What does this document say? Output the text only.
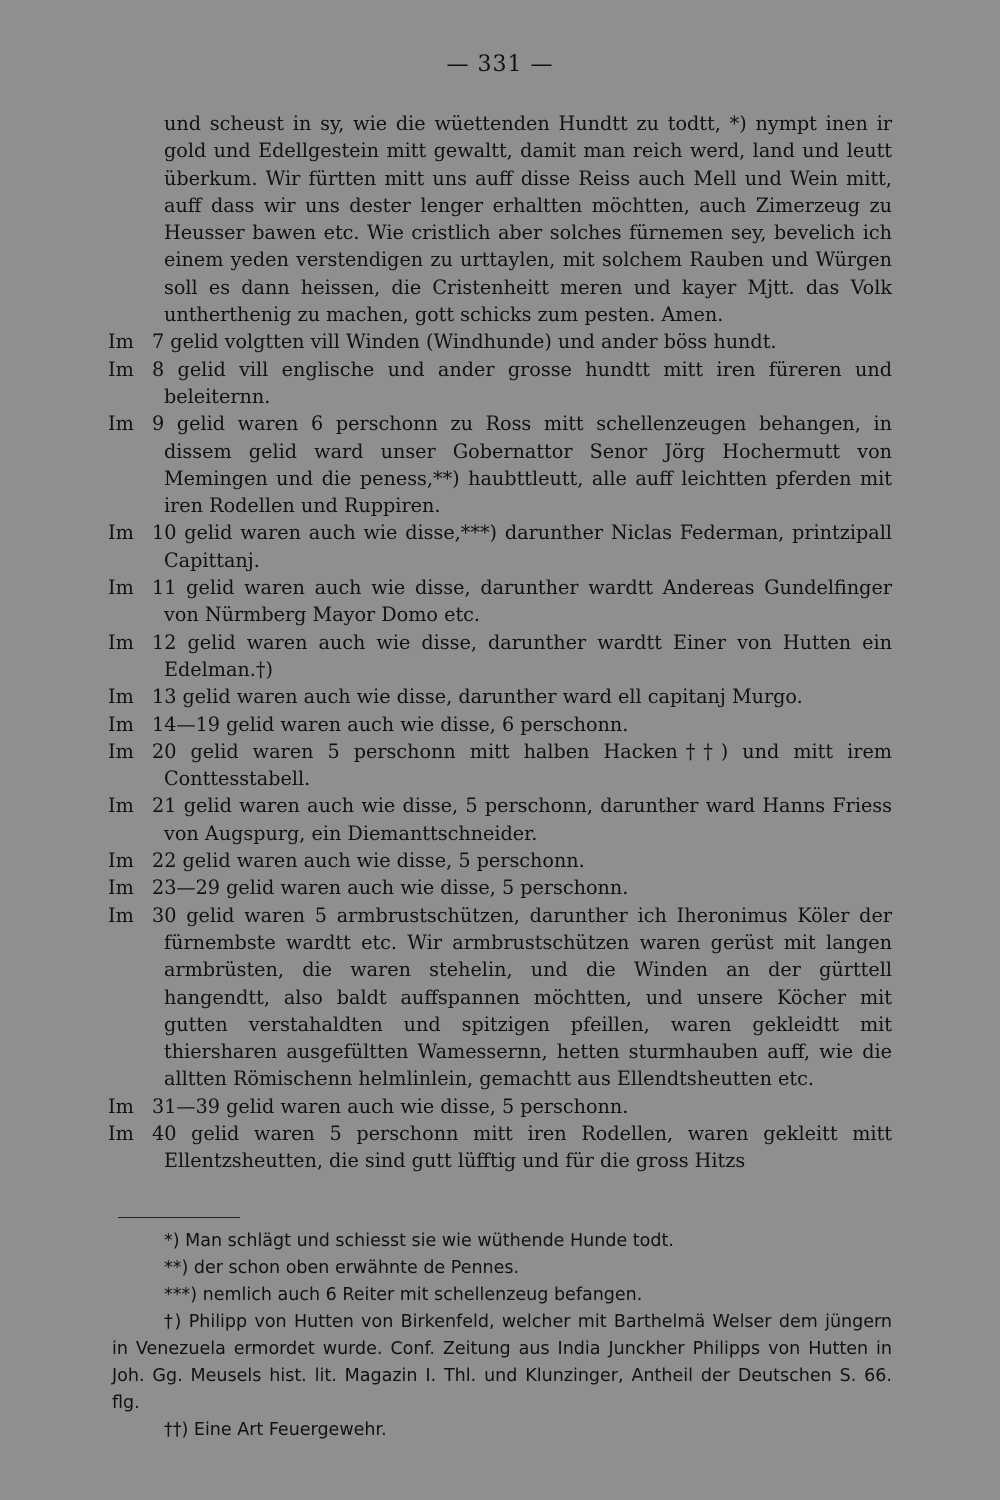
— 331 —
und scheust in sy, wie die wüettenden Hundtt zu todtt, *) nympt inen ir gold und Edellgestein mitt gewaltt, damit man reich werd, land und leutt überkum. Wir fürtten mitt uns auff disse Reiss auch Mell und Wein mitt, auff dass wir uns dester lenger erhaltten möchtten, auch Zimerzeug zu Heusser bawen etc. Wie cristlich aber solches fürnemen sey, bevelich ich einem yeden verstendigen zu urttaylen, mit solchem Rauben und Würgen soll es dann heissen, die Cristenheitt meren und kayer Mjtt. das Volk untherthenig zu machen, gott schicks zum pesten. Amen.
Im 7 gelid volgtten vill Winden (Windhunde) und ander böss hundt.
Im 8 gelid vill englische und ander grosse hundtt mitt iren füreren und beleiternn.
Im 9 gelid waren 6 perschonn zu Ross mitt schellenzeugen behangen, in dissem gelid ward unser Gobernattor Senor Jörg Hochermutt von Memingen und die peness,**) haubttleutt, alle auff leichtten pferden mit iren Rodellen und Ruppiren.
Im 10 gelid waren auch wie disse,***) darunther Niclas Federman, printzipall Capittanj.
Im 11 gelid waren auch wie disse, darunther wardtt Andereas Gundelfinger von Nürmberg Mayor Domo etc.
Im 12 gelid waren auch wie disse, darunther wardtt Einer von Hutten ein Edelman.†)
Im 13 gelid waren auch wie disse, darunther ward ell capitanj Murgo.
Im 14—19 gelid waren auch wie disse, 6 perschonn.
Im 20 gelid waren 5 perschonn mitt halben Hacken††) und mitt irem Conttesstabell.
Im 21 gelid waren auch wie disse, 5 perschonn, darunther ward Hanns Friess von Augspurg, ein Diemanttschneider.
Im 22 gelid waren auch wie disse, 5 perschonn.
Im 23—29 gelid waren auch wie disse, 5 perschonn.
Im 30 gelid waren 5 armbrustschützen, darunther ich Iheronimus Köler der fürnembste wardtt etc. Wir armbrustschützen waren gerüst mit langen armbrüsten, die waren stehelin, und die Winden an der gürttell hangendtt, also baldt auffspannen möchtten, und unsere Köcher mit gutten verstahaldten und spitzigen pfeillen, waren gekleidtt mit thiersharen ausgefültten Wamessernn, hetten sturmhauben auff, wie die alltten Römischenn helmlinlein, gemachtt aus Ellendtsheutten etc.
Im 31—39 gelid waren auch wie disse, 5 perschonn.
Im 40 gelid waren 5 perschonn mitt iren Rodellen, waren gekleitt mitt Ellentzsheutten, die sind gutt lüfftig und für die gross Hitzs
*) Man schlägt und schiesst sie wie wüthende Hunde todt.
**) der schon oben erwähnte de Pennes.
***) nemlich auch 6 Reiter mit schellenzeug befangen.
†) Philipp von Hutten von Birkenfeld, welcher mit Barthelmä Welser dem jüngern in Venezuela ermordet wurde. Conf. Zeitung aus India Junckher Philipps von Hutten in Joh. Gg. Meusels hist. lit. Magazin I. Thl. und Klunzinger, Antheil der Deutschen S. 66. flg.
††) Eine Art Feuergewehr.
